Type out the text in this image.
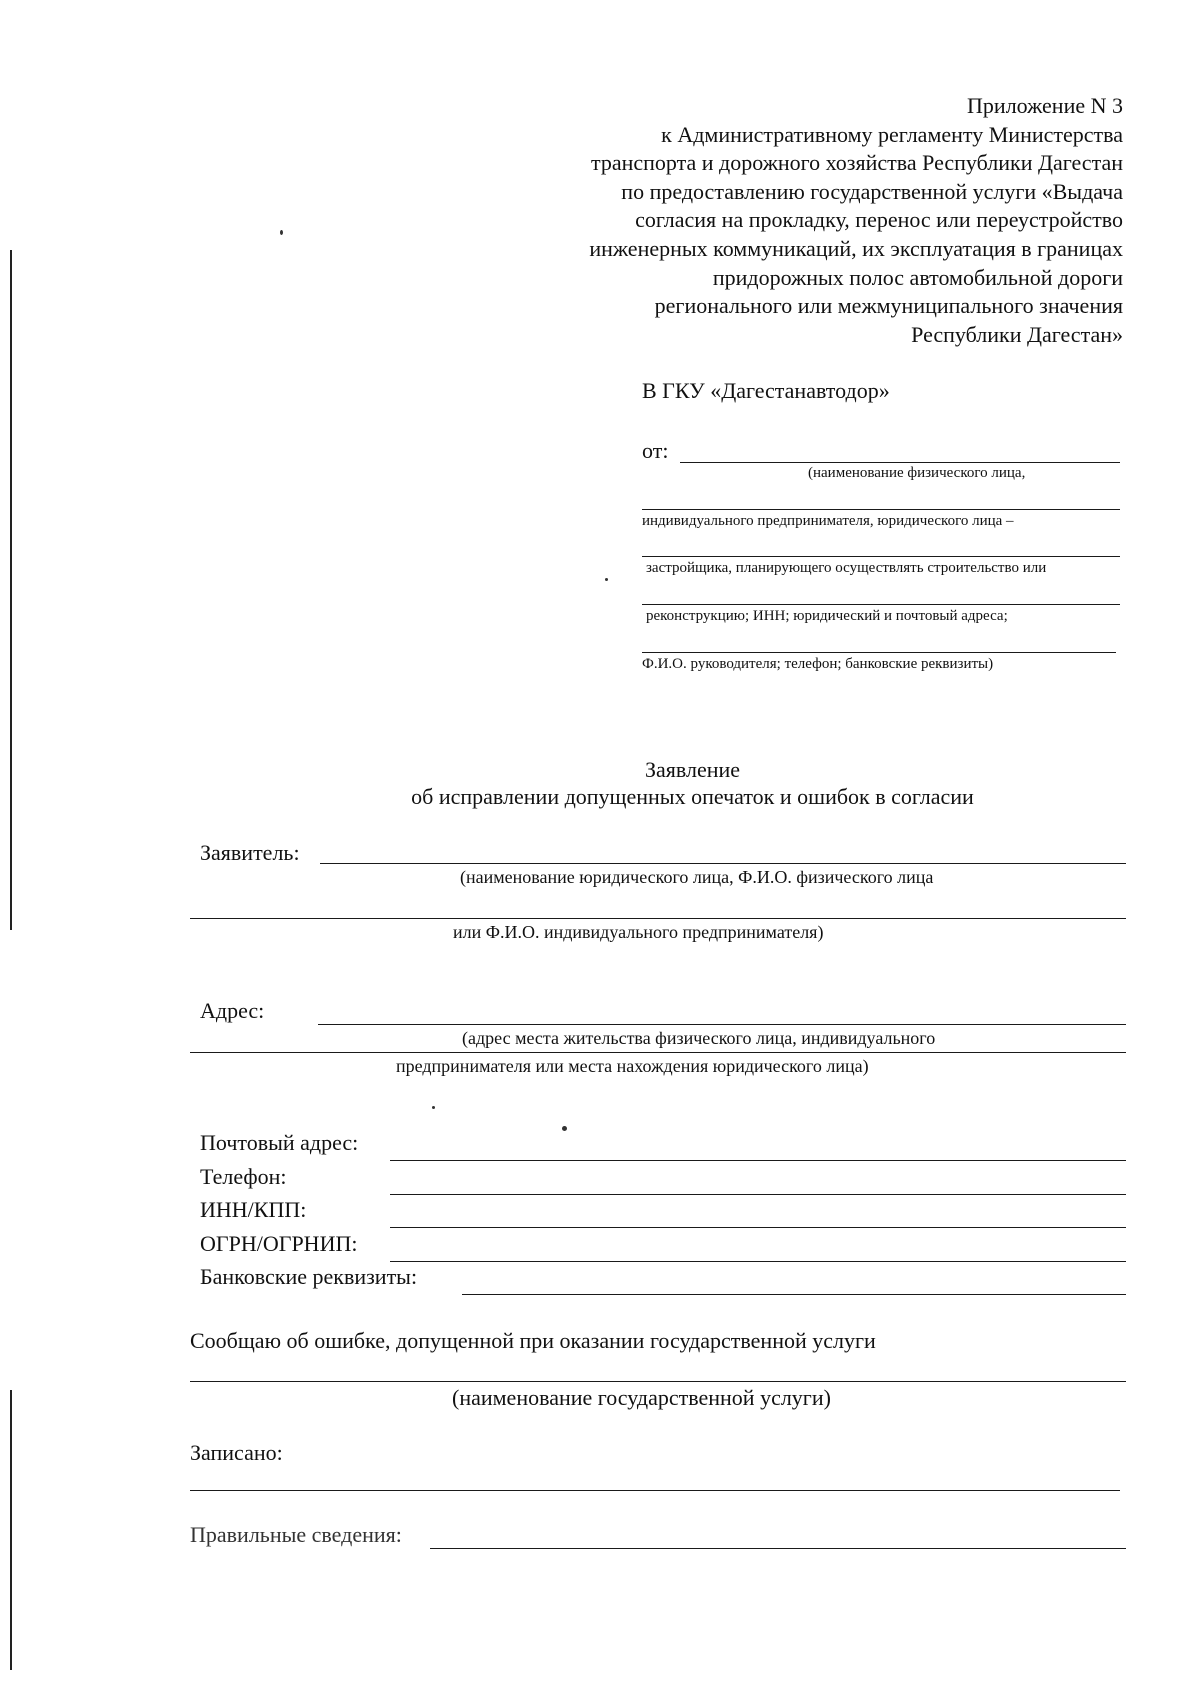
Приложение N 3
к Административному регламенту Министерства
транспорта и дорожного хозяйства Республики Дагестан
по предоставлению государственной услуги «Выдача
согласия на прокладку, перенос или переустройство
инженерных коммуникаций, их эксплуатация в границах
придорожных полос автомобильной дороги
регионального или межмуниципального значения
Республики Дагестан»
В ГКУ «Дагестанавтодор»
от:
(наименование физического лица,
индивидуального предпринимателя, юридического лица –
застройщика, планирующего осуществлять строительство или
реконструкцию; ИНН; юридический и почтовый адреса;
Ф.И.О. руководителя; телефон; банковские реквизиты)
Заявление
об исправлении допущенных опечаток и ошибок в согласии
Заявитель:
(наименование юридического лица, Ф.И.О. физического лица
или Ф.И.О. индивидуального предпринимателя)
Адрес:
(адрес места жительства физического лица, индивидуального
предпринимателя или места нахождения юридического лица)
Почтовый адрес:
Телефон:
ИНН/КПП:
ОГРН/ОГРНИП:
Банковские реквизиты:
Сообщаю об ошибке, допущенной при оказании государственной услуги
(наименование государственной услуги)
Записано:
Правильные сведения:
